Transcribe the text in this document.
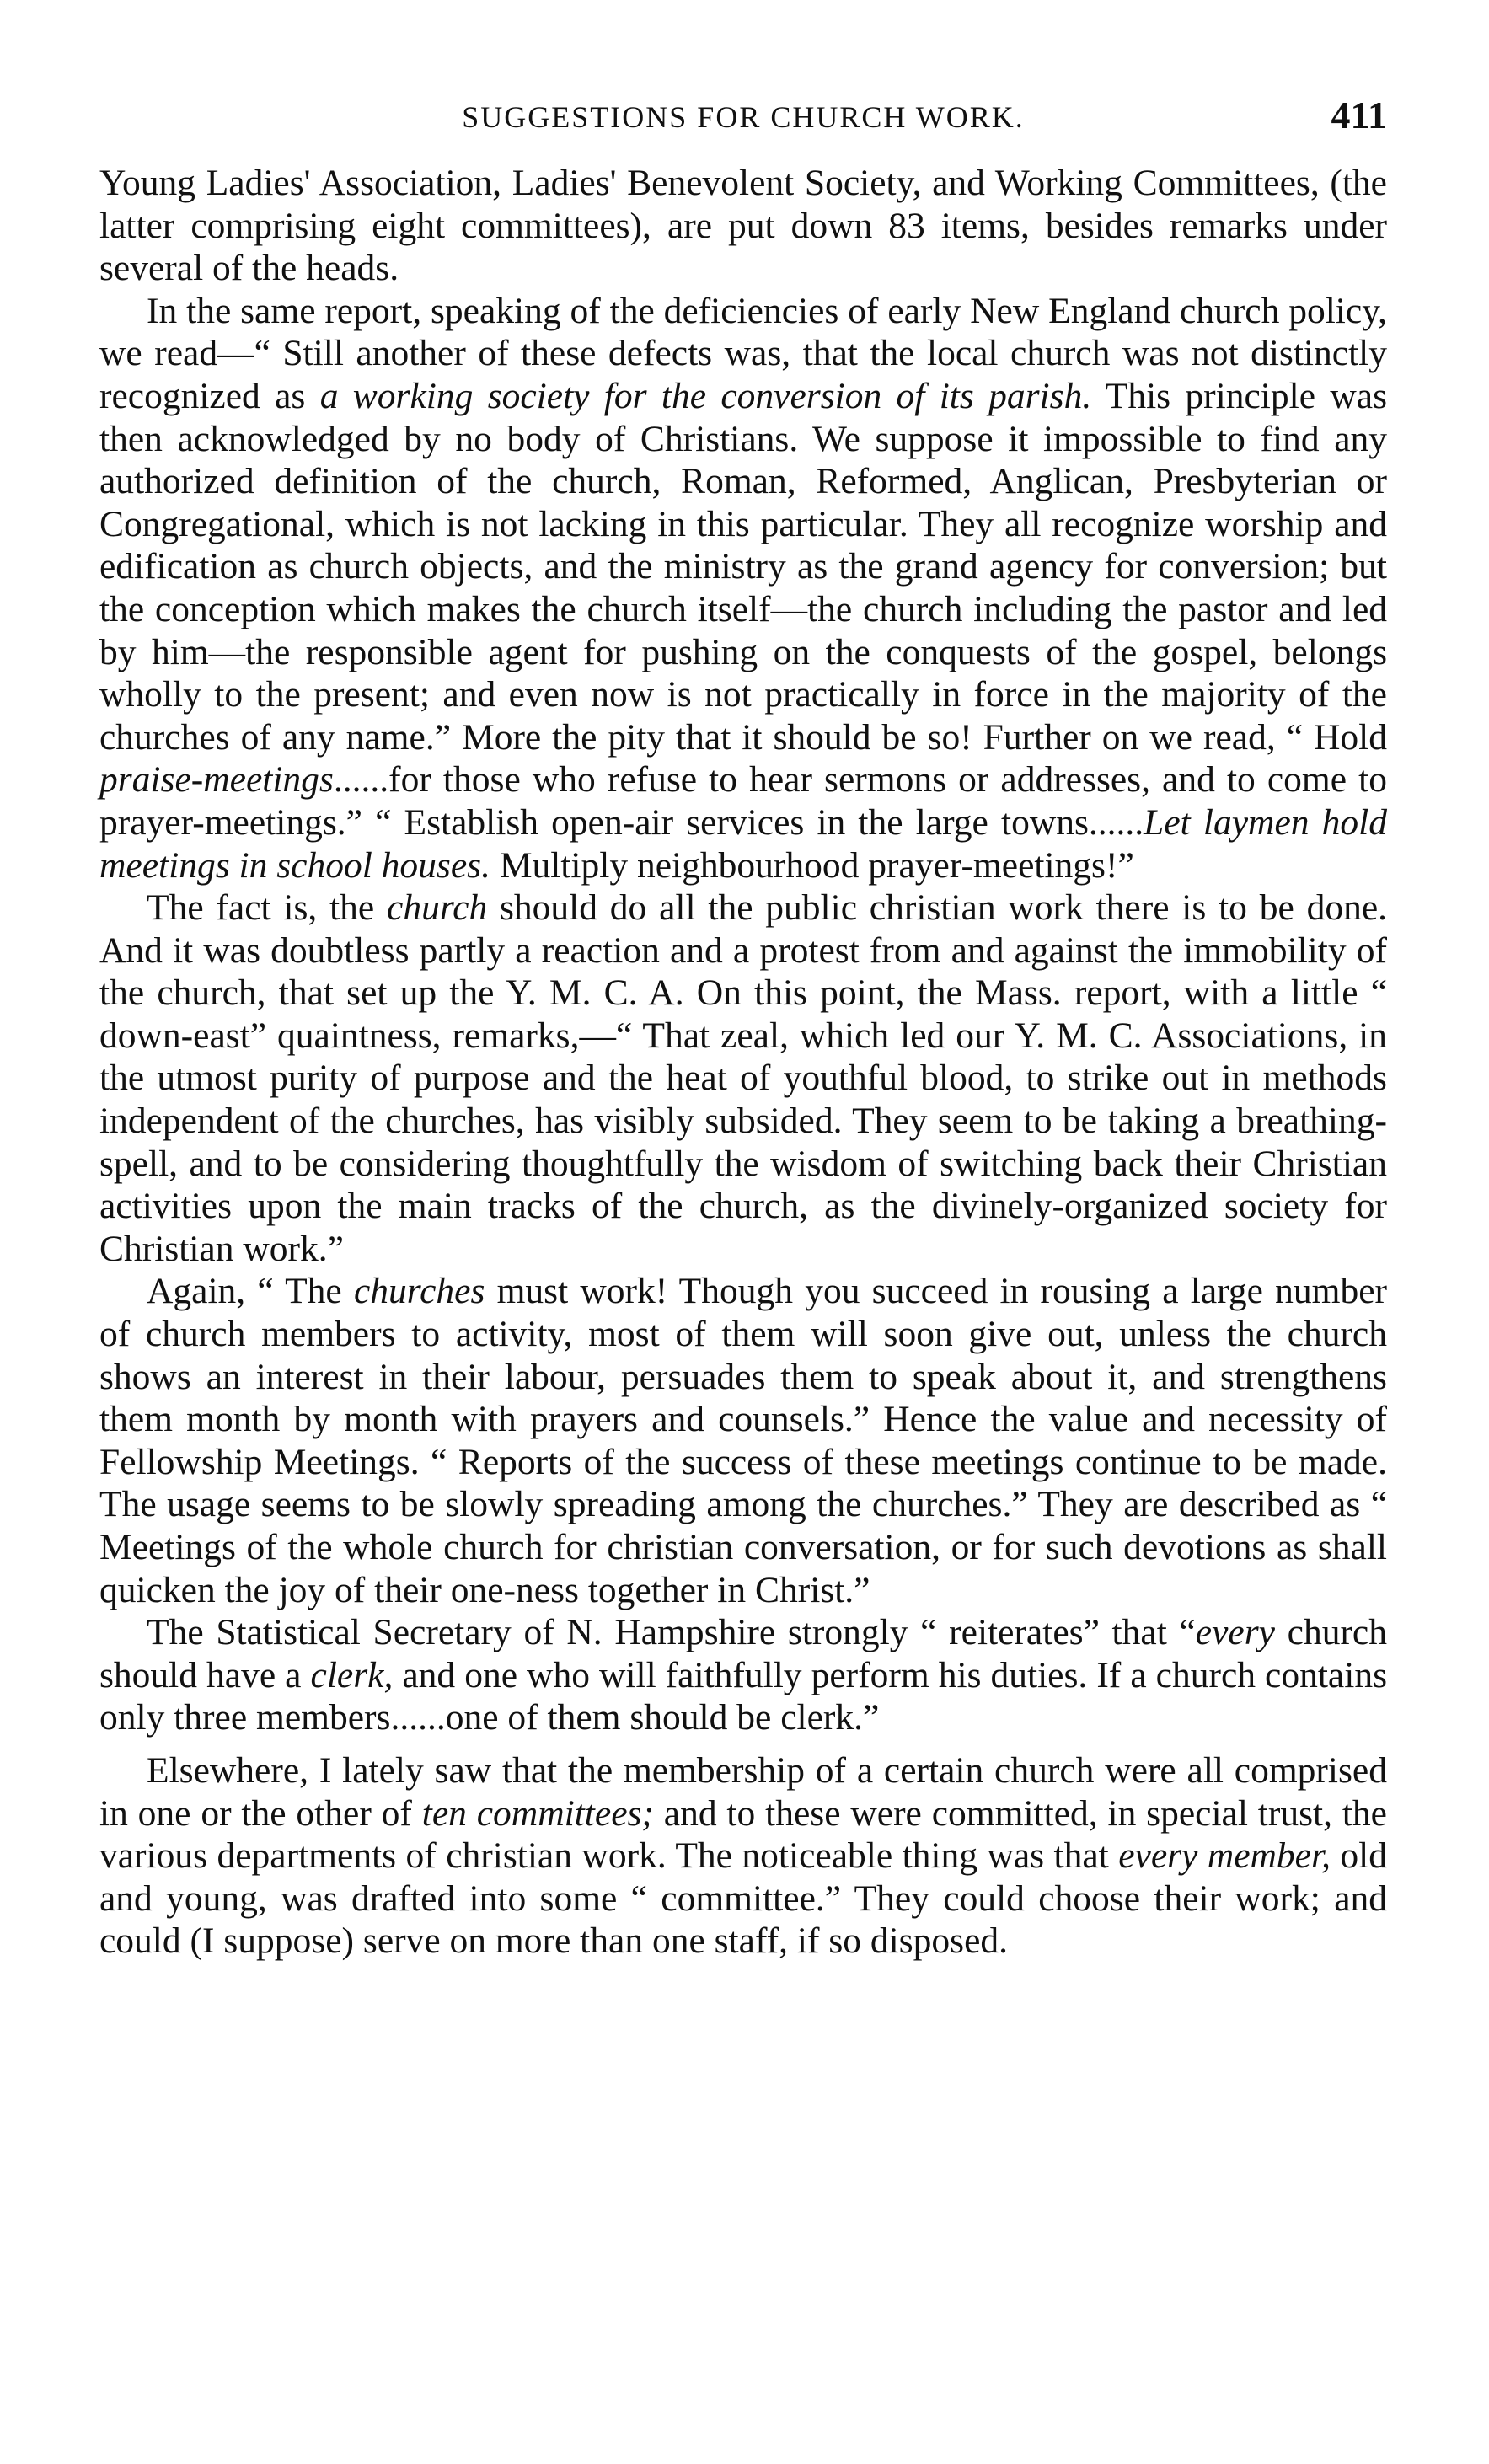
SUGGESTIONS FOR CHURCH WORK.	411

Young Ladies' Association, Ladies' Benevolent Society, and Working Committees, (the latter comprising eight committees), are put down 83 items, besides remarks under several of the heads.

In the same report, speaking of the deficiencies of early New England church policy, we read—“ Still another of these defects was, that the local church was not distinctly recognized as a working society for the conversion of its parish. This principle was then acknowledged by no body of Christians. We suppose it impossible to find any authorized definition of the church, Roman, Reformed, Anglican, Presbyterian or Congregational, which is not lacking in this particular. They all recognize worship and edification as church objects, and the ministry as the grand agency for conversion; but the conception which makes the church itself—the church including the pastor and led by him—the responsible agent for pushing on the conquests of the gospel, belongs wholly to the present; and even now is not practically in force in the majority of the churches of any name.” More the pity that it should be so! Further on we read, “ Hold praise-meetings......for those who refuse to hear sermons or addresses, and to come to prayer-meetings.” “ Establish open-air services in the large towns......Let laymen hold meetings in school houses. Multiply neighbourhood prayer-meetings!”

The fact is, the church should do all the public christian work there is to be done. And it was doubtless partly a reaction and a protest from and against the immobility of the church, that set up the Y. M. C. A. On this point, the Mass. report, with a little “ down-east” quaintness, remarks,—“ That zeal, which led our Y. M. C. Associations, in the utmost purity of purpose and the heat of youthful blood, to strike out in methods independent of the churches, has visibly subsided. They seem to be taking a breathing-spell, and to be considering thoughtfully the wisdom of switching back their Christian activities upon the main tracks of the church, as the divinely-organized society for Christian work.”

Again, “ The churches must work! Though you succeed in rousing a large number of church members to activity, most of them will soon give out, unless the church shows an interest in their labour, persuades them to speak about it, and strengthens them month by month with prayers and counsels.” Hence the value and necessity of Fellowship Meetings. “ Reports of the success of these meetings continue to be made. The usage seems to be slowly spreading among the churches.” They are described as “ Meetings of the whole church for christian conversation, or for such devotions as shall quicken the joy of their one-ness together in Christ.”

The Statistical Secretary of N. Hampshire strongly “ reiterates” that “every church should have a clerk, and one who will faithfully perform his duties. If a church contains only three members......one of them should be clerk.”

Elsewhere, I lately saw that the membership of a certain church were all comprised in one or the other of ten committees; and to these were committed, in special trust, the various departments of christian work. The noticeable thing was that every member, old and young, was drafted into some “ committee.” They could choose their work; and could (I suppose) serve on more than one staff, if so disposed.
